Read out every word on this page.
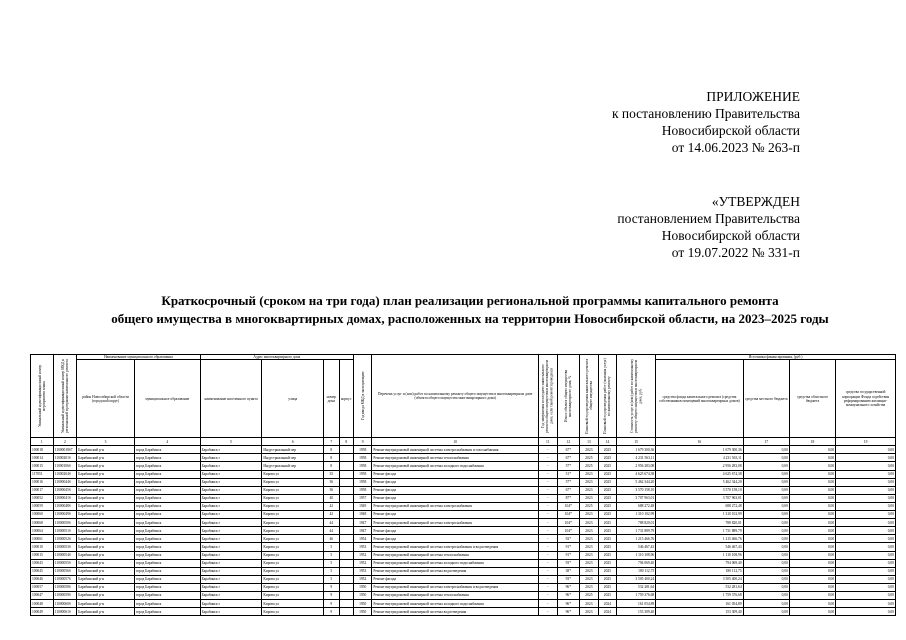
ПРИЛОЖЕНИЕ
к постановлению Правительства
Новосибирской области
от 14.06.2023 № 263-п
«УТВЕРЖДЕН
постановлением Правительства
Новосибирской области
от 19.07.2022 № 331-п
Краткосрочный (сроком на три года) план реализации региональной программы капитального ремонта
общего имущества в многоквартирных домах, расположенных на территории Новосибирской области, на 2023–2025 годы
Уникальный идентификационный номер мероприятия плана	Уникальный идентификационный номер МКД в региональной программе капитального ремонта	Наименование муниципального образования		Адрес многоквартирного дома				Год ввода МКД в эксплуатацию	Перечень услуг и (или) работ по капитальному ремонту общего имущества в многоквартирном доме (объекта общего имущества многоквартирного дома)	Год завершения последнего капитального ремонта общего имущества в многоквартирном доме, если такой ремонт проводился	Износ объекта общего имущества многоквартирного дома, %	Плановый год проведения капитального ремонта общего имущества	Плановый год проведения работ (оказания услуг) по капитальному ремонту	Стоимость услуг и (или) работ по капитальному ремонту общего имущества в многоквартирном доме, руб.	Источники финансирования, (руб.)			
		район Новосибирской области (городской округ)	муниципальное образование	наименование населенного пункта	улица	номер дома	корпус								средства фонда капитального ремонта (средства собственников помещений многоквартирных домов)	средства местного бюджета	средства областного бюджета	средства государственной корпорации Фонда содействия реформированию жилищно-коммунального хозяйства
1	2	3	4	5	6	7	8	9	10	11	12	13	14	15	16	17	18	19
100018	11000018б7	Барабинский р-н	город Барабинск	Барабинск г	Индустриальный пер	8		1958	Ремонт внутридомовой инженерной системы электроснабжения и газоснабжения	-	67*	2023	2025	1 679 300,36	1 679 300,36	0,00	0,00	0,00
100014	11000201б	Барабинский р-н	город Барабинск	Барабинск г	Индустриальный пер	8		1958	Ремонт внутридомовой инженерной системы теплоснабжения	-	67*	2025	2025	4 231 563,11	4 231 563,11	0,00	0,00	0,00
100015	11000106б	Барабинский р-н	город Барабинск	Барабинск г	Индустриальный пер	8		1958	Ремонт внутридомовой инженерной системы холодного водоснабжения	-	57*	2025	2025	2 956 283,08	2 956 283,08	0,00	0,00	0,00
117051	11000204б	Барабинский р-н	город Барабинск	Барабинск г	Кирова ул	35		1958	Ремонт фасада	-	51*	2023	2025	4 625 674,38	4 625 674,38	0,00	0,00	0,00
100016	11000044б	Барабинский р-н	город Барабинск	Барабинск г	Кирова ул	36		1958	Ремонт фасада	-	57*	2023	2025	5 462 344,20	5 462 344,20	0,00	0,00	0,00
100017	11000045б	Барабинский р-н	город Барабинск	Барабинск г	Кирова ул	36		1958	Ремонт фасада	-	67*	2023	2025	3 570 158,10	3 570 158,10	0,00	0,00	0,00
100052	11000041б	Барабинский р-н	город Барабинск	Барабинск г	Кирова ул	40		1957	Ремонт фасада	-	87*	2023	2025	3 707 963,01	3 707 963,01	0,00	0,00	0,00
100059	11000048б	Барабинский р-н	город Барабинск	Барабинск г	Кирова ул	42		1949	Ремонт внутридомовой инженерной системы электроснабжения	-	104*	2025	2025	688 272,48	688 272,48	0,00	0,00	0,00
100060	11000049б	Барабинский р-н	город Барабинск	Барабинск г	Кирова ул	42		1948	Ремонт фасада	-	104*	2023	2025	1 310 102,99	1 310 102,99	0,00	0,00	0,00
100068	11000050б	Барабинский р-н	город Барабинск	Барабинск г	Кирова ул	44		1947	Ремонт внутридомовой инженерной системы электроснабжения	-	104*	2023	2025	788 820,01	788 820,01	0,00	0,00	0,00
100064	11000051б	Барабинский р-н	город Барабинск	Барабинск г	Кирова ул	44		1947	Ремонт фасада	-	104*	2023	2025	1 731 889,79	1 731 889,79	0,00	0,00	0,00
100061	11000052б	Барабинский р-н	город Барабинск	Барабинск г	Кирова ул	46		1954	Ремонт фасада	-	92*	2023	2025	1 215 466,76	1 215 466,76	0,00	0,00	0,00
100010	11000053б	Барабинский р-н	город Барабинск	Барабинск г	Кирова ул	5		1953	Ремонт внутридомовой инженерной системы электроснабжения и водоотведения	-	91*	2023	2025	546 467,43	546 467,43	0,00	0,00	0,00
100015	11000054б	Барабинский р-н	город Барабинск	Барабинск г	Кирова ул	5		1952	Ремонт внутридомовой инженерной системы теплоснабжения	-	91*	2023	2025	1 110 108,96	1 110 108,96	0,00	0,00	0,00
100043	11000055б	Барабинский р-н	город Барабинск	Барабинск г	Кирова ул	5		1952	Ремонт внутридомовой инженерной системы холодного водоснабжения	-	93*	2023	2025	794 069,40	794 069,40	0,00	0,00	0,00
100045	11000056б	Барабинский р-н	город Барабинск	Барабинск г	Кирова ул	5		1953	Ремонт внутридомовой инженерной системы водоотведения	-	38*	2023	2025	180 112,75	180 112,75	0,00	0,00	0,00
100046	11000057б	Барабинский р-н	город Барабинск	Барабинск г	Кирова ул	5		1952	Ремонт фасада	-	93*	2023	2025	3 505 400,24	3 505 400,24	0,00	0,00	0,00
100057	11000058б	Барабинский р-н	город Барабинск	Барабинск г	Кирова ул	9		1950	Ремонт внутридомовой инженерной системы электроснабжения и водоотведения	-	96*	2023	2025	532 281,64	532 281,64	0,00	0,00	0,00
100047	11000059б	Барабинский р-н	город Барабинск	Барабинск г	Кирова ул	9		1950	Ремонт внутридомовой инженерной системы теплоснабжения	-	96*	2025	2025	1 759 376,68	1 759 376,68	0,00	0,00	0,00
100048	11000060б	Барабинский р-н	город Барабинск	Барабинск г	Кирова ул	9		1950	Ремонт внутридомовой инженерной системы холодного водоснабжения	-	96*	2023	2024	161 054,89	161 054,89	0,00	0,00	0,00
100049	11000061б	Барабинский р-н	город Барабинск	Барабинск г	Кирова ул	9		1950	Ремонт внутридомовой инженерной системы водоотведения	-	96*	2023	2024	153 309,40	153 309,40	0,00	0,00	0,00
